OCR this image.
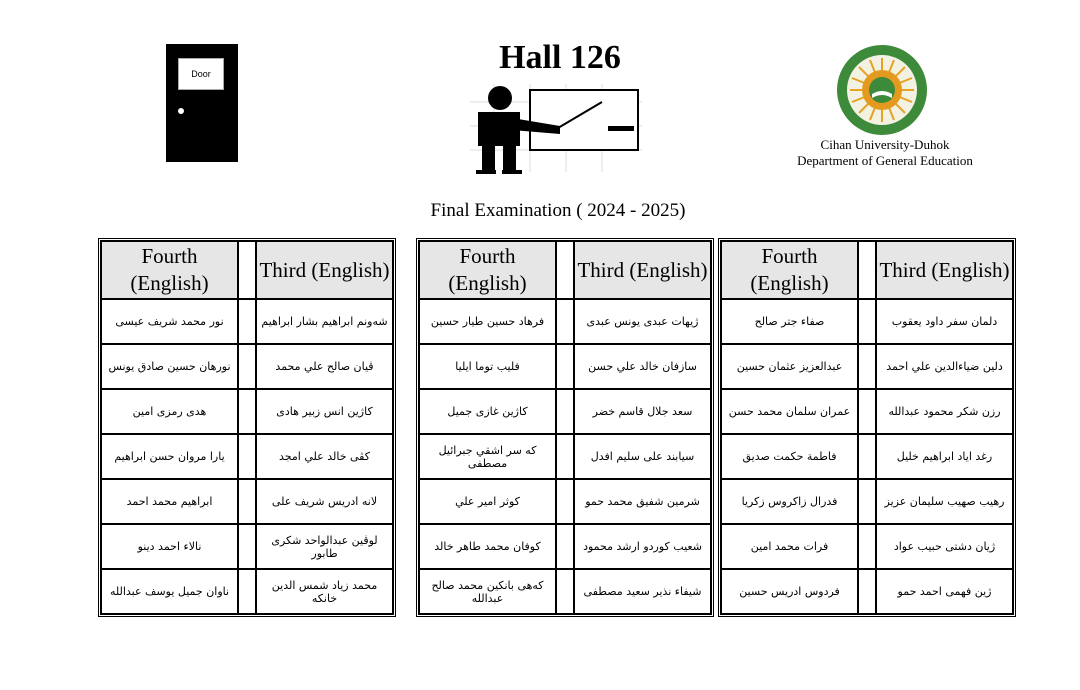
Door	Hall 126
Cihan University-Duhok
Department of General Education
Final Examination ( 2024 - 2025)
Fourth (English)		Third (English)
نور محمد شريف عيسى		شەونم ابراهيم بشار ابراهيم
نورهان حسين صادق يونس		ڤيان صالح علي محمد
هدى رمزى امين		كاژين انس زبير هادى
يارا مروان حسن ابراهيم		كڤى خالد علي امجد
ابراهيم محمد احمد		لانه ادريس شريف على
نالاء احمد دينو		لوڤين عبدالواحد شكرى طابور
ناوان جميل يوسف عبدالله		محمد زياد شمس الدين خانكه
Fourth (English)		Third (English)
فرهاد حسين طيار حسين		ژيهات عبدى يونس عبدى
فليب توما ايليا		سازفان خالد علي حسن
كاژين غازى جميل		سعد جلال قاسم خضر
كه سر اشقي جبرائيل مصطفى		سيابند على سليم افدل
كوثر امير علي		شرمين شفيق محمد حمو
كوفان محمد طاهر خالد		شعيب كوردو ارشد محمود
كەهى بانكين محمد صالح عبدالله		شيفاء نذير سعيد مصطفى
Fourth (English)		Third (English)
صفاء جتر صالح		دلمان سفر داود يعقوب
عبدالعزيز عثمان حسين		دلين ضياءالدين علي احمد
عمران سلمان محمد حسن		رزن شكر محمود عبدالله
فاطمة حكمت صديق		رغد اياد ابراهيم خليل
فدرال زاكروس زكريا		رهيب صهيب سليمان عزيز
فرات محمد امين		ژيان دشتى حبيب عواد
فردوس ادريس حسين		ژين فهمى احمد حمو
